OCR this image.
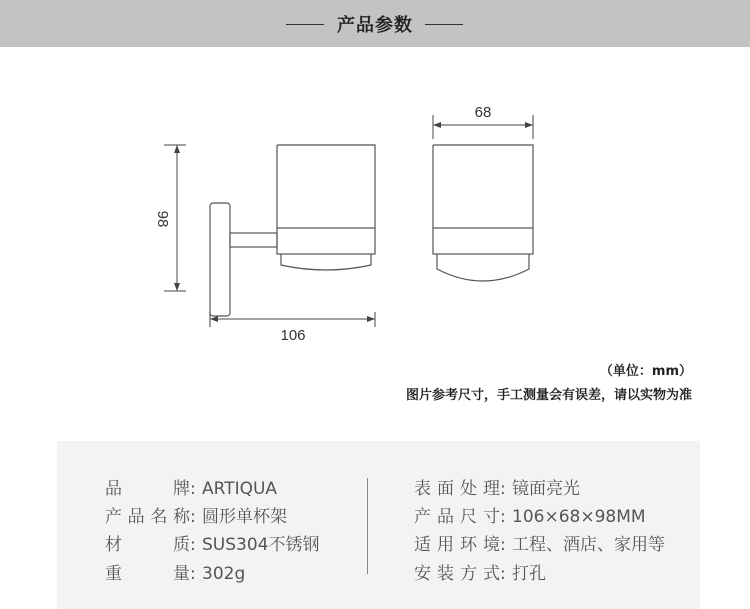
产品参数
98
106
68
（单位：mm）
图片参考尺寸，手工测量会有误差，请以实物为准
品牌: ARTIQUA
产品名称: 圆形单杯架
材质: SUS304不锈钢
重量: 302g
表面处理: 镜面亮光
产品尺寸: 106×68×98MM
适用环境: 工程、酒店、家用等
安装方式: 打孔
